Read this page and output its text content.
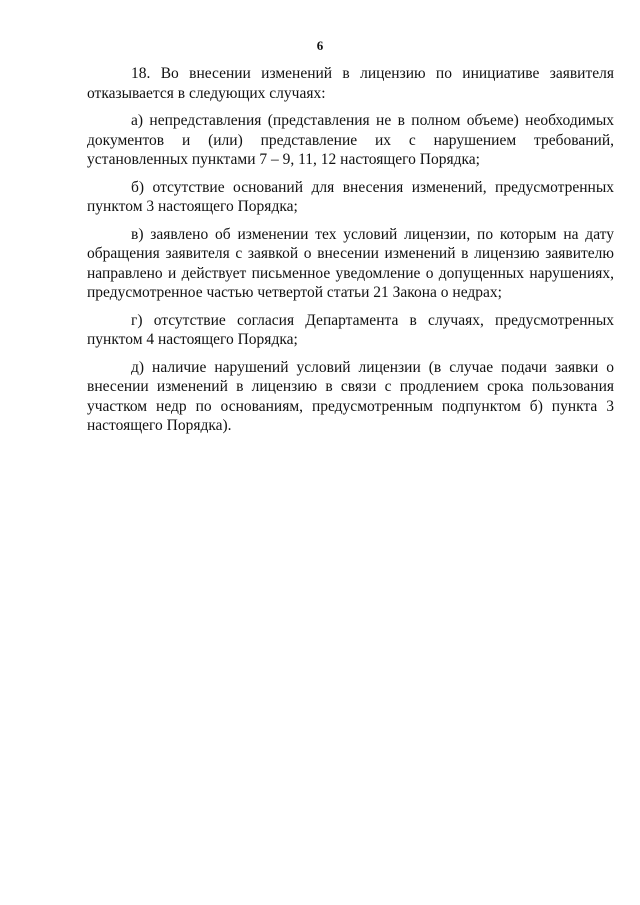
6

18. Во внесении изменений в лицензию по инициативе заявителя отказывается в следующих случаях:

а) непредставления (представления не в полном объеме) необходимых документов и (или) представление их с нарушением требований, установленных пунктами 7 – 9, 11, 12 настоящего Порядка;

б) отсутствие оснований для внесения изменений, предусмотренных пунктом 3 настоящего Порядка;

в) заявлено об изменении тех условий лицензии, по которым на дату обращения заявителя с заявкой о внесении изменений в лицензию заявителю направлено и действует письменное уведомление о допущенных нарушениях, предусмотренное частью четвертой статьи 21 Закона о недрах;

г) отсутствие согласия Департамента в случаях, предусмотренных пунктом 4 настоящего Порядка;

д) наличие нарушений условий лицензии (в случае подачи заявки о внесении изменений в лицензию в связи с продлением срока пользования участком недр по основаниям, предусмотренным подпунктом б) пункта 3 настоящего Порядка).
